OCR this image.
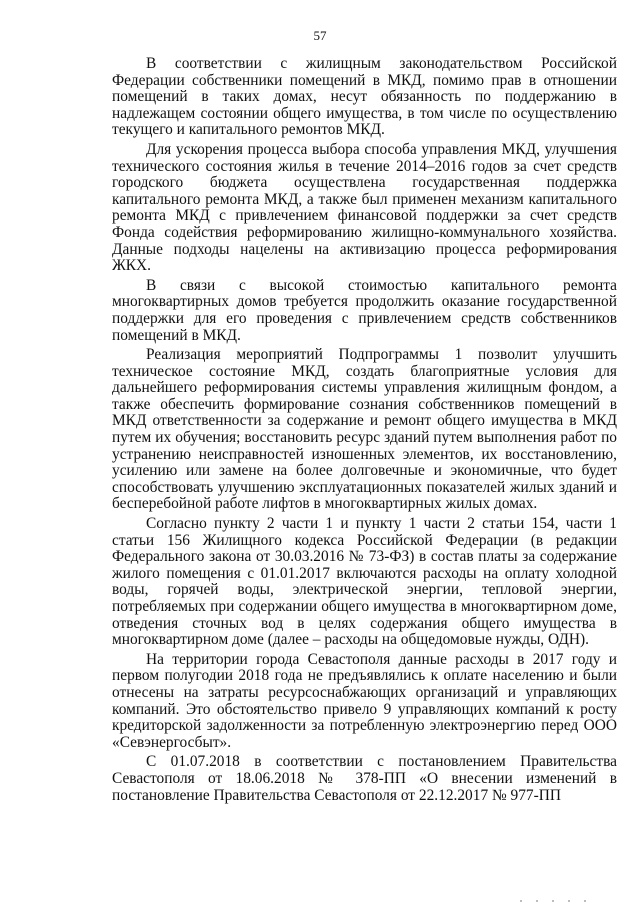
57

В соответствии с жилищным законодательством Российской Федерации собственники помещений в МКД, помимо прав в отношении помещений в таких домах, несут обязанность по поддержанию в надлежащем состоянии общего имущества, в том числе по осуществлению текущего и капитального ремонтов МКД.

Для ускорения процесса выбора способа управления МКД, улучшения технического состояния жилья в течение 2014–2016 годов за счет средств городского бюджета осуществлена государственная поддержка капитального ремонта МКД, а также был применен механизм капитального ремонта МКД с привлечением финансовой поддержки за счет средств Фонда содействия реформированию жилищно-коммунального хозяйства. Данные подходы нацелены на активизацию процесса реформирования ЖКХ.

В связи с высокой стоимостью капитального ремонта многоквартирных домов требуется продолжить оказание государственной поддержки для его проведения с привлечением средств собственников помещений в МКД.

Реализация мероприятий Подпрограммы 1 позволит улучшить техническое состояние МКД, создать благоприятные условия для дальнейшего реформирования системы управления жилищным фондом, а также обеспечить формирование сознания собственников помещений в МКД ответственности за содержание и ремонт общего имущества в МКД путем их обучения; восстановить ресурс зданий путем выполнения работ по устранению неисправностей изношенных элементов, их восстановлению, усилению или замене на более долговечные и экономичные, что будет способствовать улучшению эксплуатационных показателей жилых зданий и бесперебойной работе лифтов в многоквартирных жилых домах.

Согласно пункту 2 части 1 и пункту 1 части 2 статьи 154, части 1 статьи 156 Жилищного кодекса Российской Федерации (в редакции Федерального закона от 30.03.2016 № 73-ФЗ) в состав платы за содержание жилого помещения с 01.01.2017 включаются расходы на оплату холодной воды, горячей воды, электрической энергии, тепловой энергии, потребляемых при содержании общего имущества в многоквартирном доме, отведения сточных вод в целях содержания общего имущества в многоквартирном доме (далее – расходы на общедомовые нужды, ОДН).

На территории города Севастополя данные расходы в 2017 году и первом полугодии 2018 года не предъявлялись к оплате населению и были отнесены на затраты ресурсоснабжающих организаций и управляющих компаний. Это обстоятельство привело 9 управляющих компаний к росту кредиторской задолженности за потребленную электроэнергию перед ООО «Севэнергосбыт».

С 01.07.2018 в соответствии с постановлением Правительства Севастополя от 18.06.2018 № 378-ПП «О внесении изменений в постановление Правительства Севастополя от 22.12.2017 № 977-ПП
